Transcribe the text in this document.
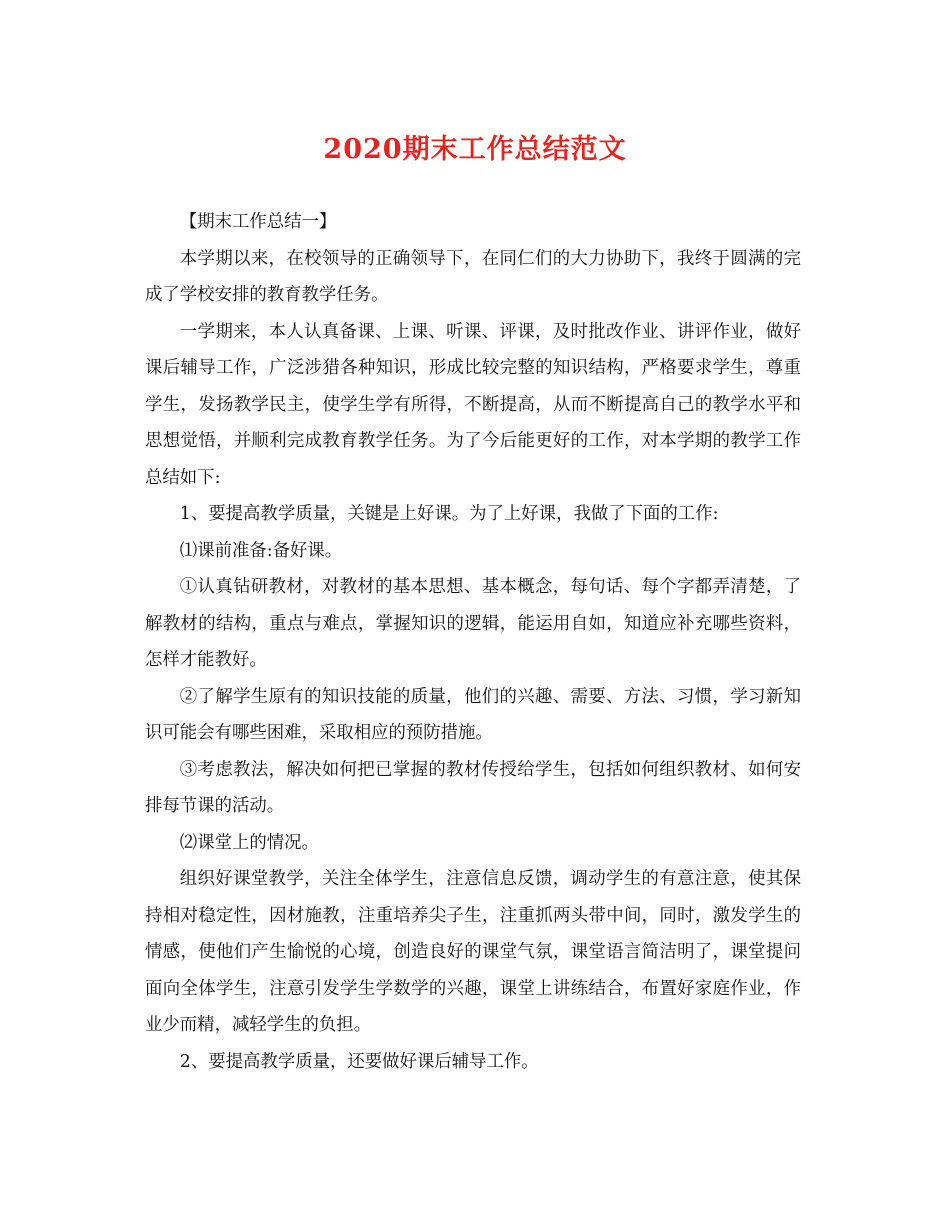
2020期末工作总结范文

【期末工作总结一】

本学期以来，在校领导的正确领导下，在同仁们的大力协助下，我终于圆满的完成了学校安排的教育教学任务。

一学期来，本人认真备课、上课、听课、评课，及时批改作业、讲评作业，做好课后辅导工作，广泛涉猎各种知识，形成比较完整的知识结构，严格要求学生，尊重学生，发扬教学民主，使学生学有所得，不断提高，从而不断提高自己的教学水平和思想觉悟，并顺利完成教育教学任务。为了今后能更好的工作，对本学期的教学工作总结如下:

1、要提高教学质量，关键是上好课。为了上好课，我做了下面的工作:

⑴课前准备:备好课。

①认真钻研教材，对教材的基本思想、基本概念，每句话、每个字都弄清楚，了解教材的结构，重点与难点，掌握知识的逻辑，能运用自如，知道应补充哪些资料，怎样才能教好。

②了解学生原有的知识技能的质量，他们的兴趣、需要、方法、习惯，学习新知识可能会有哪些困难，采取相应的预防措施。

③考虑教法，解决如何把已掌握的教材传授给学生，包括如何组织教材、如何安排每节课的活动。

⑵课堂上的情况。

组织好课堂教学，关注全体学生，注意信息反馈，调动学生的有意注意，使其保持相对稳定性，因材施教，注重培养尖子生，注重抓两头带中间，同时，激发学生的情感，使他们产生愉悦的心境，创造良好的课堂气氛，课堂语言简洁明了，课堂提问面向全体学生，注意引发学生学数学的兴趣，课堂上讲练结合，布置好家庭作业，作业少而精，减轻学生的负担。

2、要提高教学质量，还要做好课后辅导工作。
